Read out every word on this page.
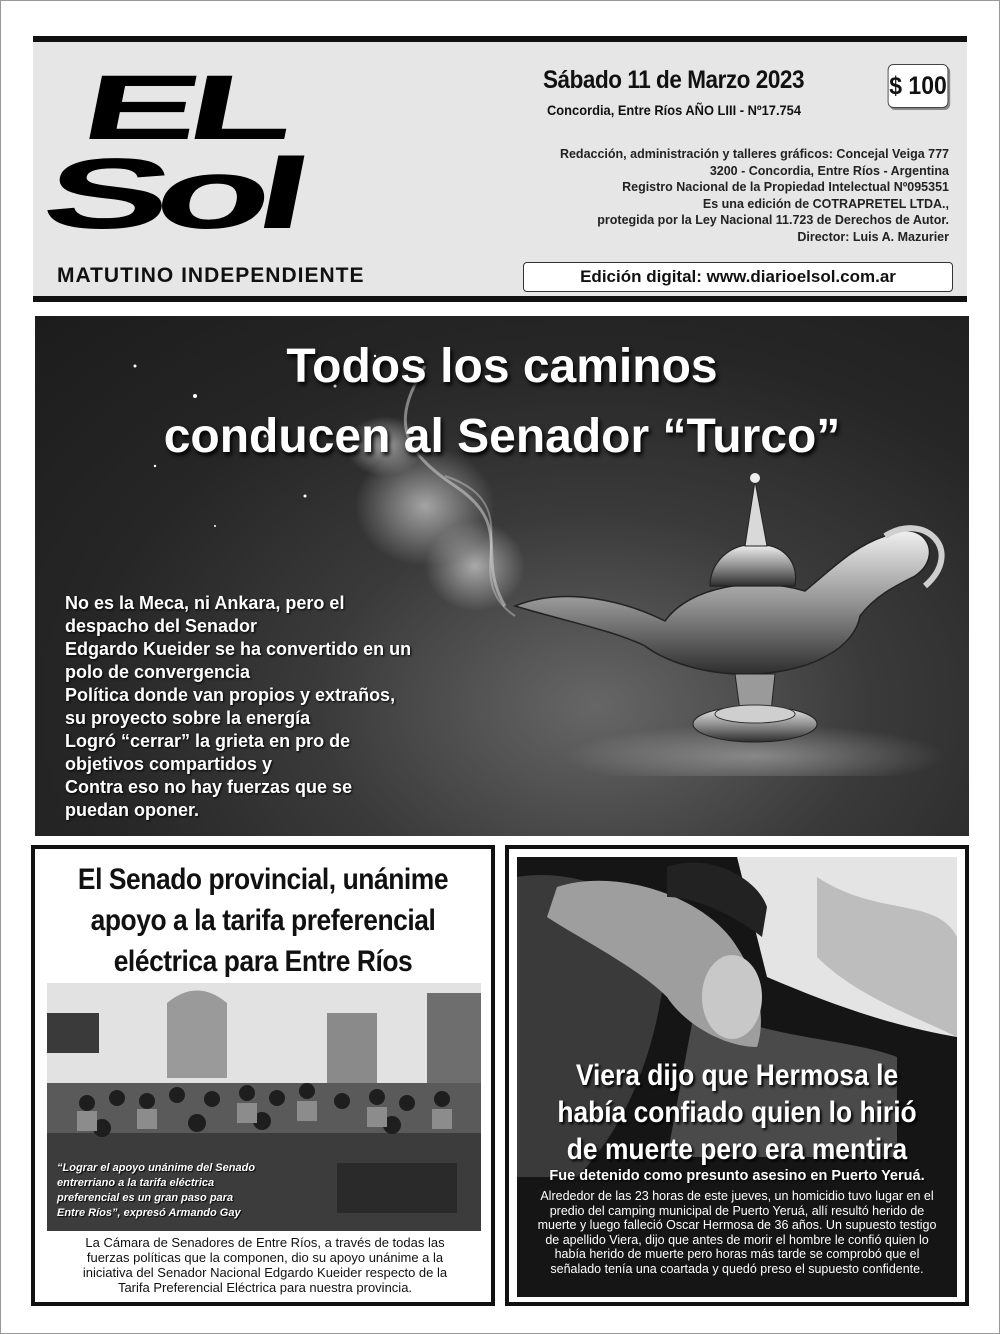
EL
Sol
MATUTINO INDEPENDIENTE
Sábado 11 de Marzo 2023
Concordia, Entre Ríos AÑO LIII - Nº17.754
$ 100
Redacción, administración y talleres gráficos: Concejal Veiga 777
3200 - Concordia, Entre Ríos - Argentina
Registro Nacional de la Propiedad Intelectual Nº095351
Es una edición de COTRAPRETEL LTDA.,
protegida por la Ley Nacional 11.723 de Derechos de Autor.
Director: Luis A. Mazurier
Edición digital: www.diarioelsol.com.ar
Todos los caminos
conducen al Senador “Turco”
No es la Meca, ni Ankara, pero el
despacho del Senador
Edgardo Kueider se ha convertido en un
polo de convergencia
Política donde van propios y extraños,
su proyecto sobre la energía
Logró “cerrar” la grieta en pro de
objetivos compartidos y
Contra eso no hay fuerzas que se
puedan oponer.
El Senado provincial, unánime
apoyo a la tarifa preferencial
eléctrica para Entre Ríos
“Lograr el apoyo unánime del Senado
entrerriano a la tarifa eléctrica
preferencial es un gran paso para
Entre Ríos”, expresó Armando Gay
La Cámara de Senadores de Entre Ríos, a través de todas las
fuerzas políticas que la componen, dio su apoyo unánime a la
iniciativa del Senador Nacional Edgardo Kueider respecto de la
Tarifa Preferencial Eléctrica para nuestra provincia.
Viera dijo que Hermosa le
había confiado quien lo hirió
de muerte pero era mentira
Fue detenido como presunto asesino en Puerto Yeruá.
Alrededor de las 23 horas de este jueves, un homicidio tuvo lugar en el
predio del camping municipal de Puerto Yeruá, allí resultó herido de
muerte y luego falleció Oscar Hermosa de 36 años. Un supuesto testigo
de apellido Viera, dijo que antes de morir el hombre le confió quien lo
había herido de muerte pero horas más tarde se comprobó que el
señalado tenía una coartada y quedó preso el supuesto confidente.
